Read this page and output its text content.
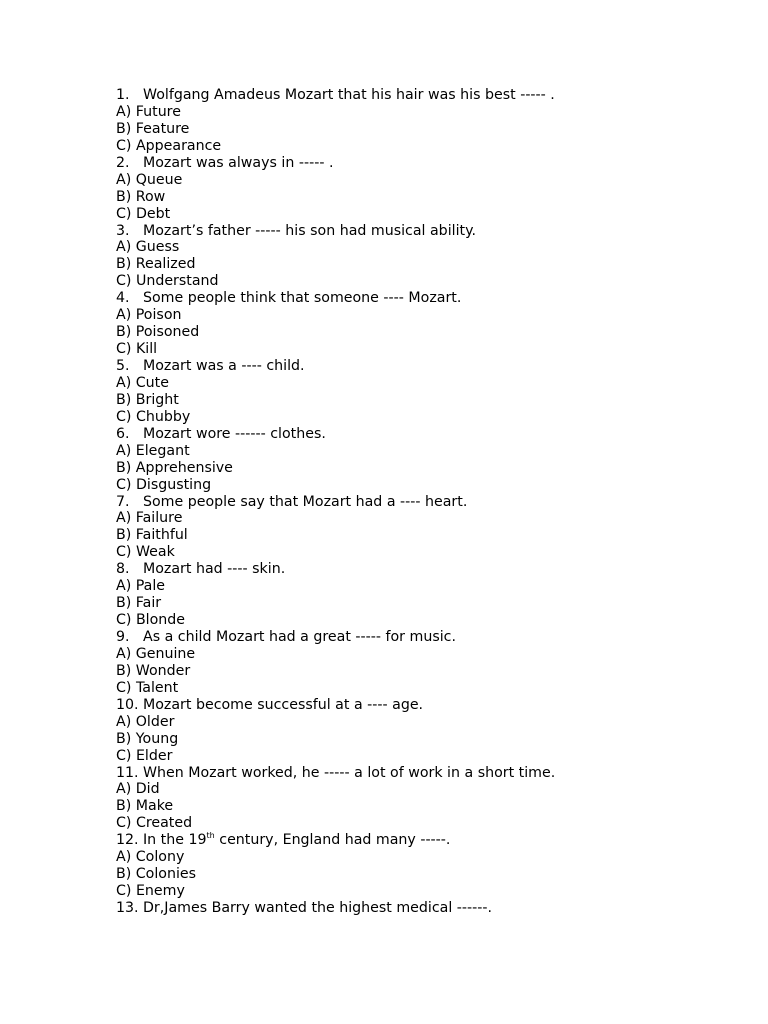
1. Wolfgang Amadeus Mozart that his hair was his best ----- .
A) Future
B) Feature
C) Appearance
2. Mozart was always in ----- .
A) Queue
B) Row
C) Debt
3. Mozart’s father ----- his son had musical ability.
A) Guess
B) Realized
C) Understand
4. Some people think that someone ---- Mozart.
A) Poison
B) Poisoned
C) Kill
5. Mozart was a ---- child.
A) Cute
B) Bright
C) Chubby
6. Mozart wore ------ clothes.
A) Elegant
B) Apprehensive
C) Disgusting
7. Some people say that Mozart had a ---- heart.
A) Failure
B) Faithful
C) Weak
8. Mozart had ---- skin.
A) Pale
B) Fair
C) Blonde
9. As a child Mozart had a great ----- for music.
A) Genuine
B) Wonder
C) Talent
10. Mozart become successful at a ---- age.
A) Older
B) Young
C) Elder
11. When Mozart worked, he ----- a lot of work in a short time.
A) Did
B) Make
C) Created
12. In the 19th century, England had many -----.
A) Colony
B) Colonies
C) Enemy
13. Dr,James Barry wanted the highest medical ------.
